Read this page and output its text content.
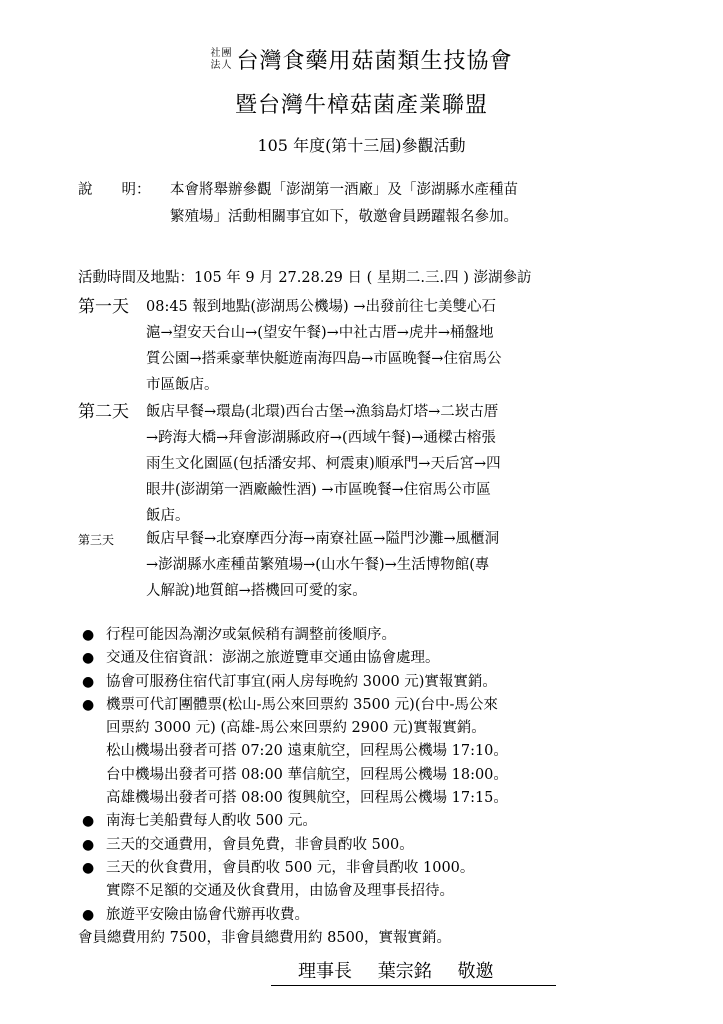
社團
法人 台灣食藥用菇菌類生技協會
暨台灣牛樟菇菌產業聯盟
105 年度(第十三屆)參觀活動
說　　明：	本會將舉辦參觀「澎湖第一酒廠」及「澎湖縣水產種苗
繁殖場」活動相關事宜如下，敬邀會員踴躍報名參加。
活動時間及地點：105 年 9 月 27.28.29 日 ( 星期二.三.四 ) 澎湖參訪
第一天 08:45 報到地點(澎湖馬公機場) →出發前往七美雙心石
滬→望安天台山→(望安午餐)→中社古厝→虎井→桶盤地
質公園→搭乘豪華快艇遊南海四島→市區晚餐→住宿馬公
市區飯店。
第二天 飯店早餐→環島(北環)西台古堡→漁翁島灯塔→二崁古厝
→跨海大橋→拜會澎湖縣政府→(西域午餐)→通樑古榕張
雨生文化園區(包括潘安邦、柯震東)順承門→天后宮→四
眼井(澎湖第一酒廠鹼性酒) →市區晚餐→住宿馬公市區
飯店。
第三天 飯店早餐→北寮摩西分海→南寮社區→隘門沙灘→風櫃洞
→澎湖縣水產種苗繁殖場→(山水午餐)→生活博物館(專
人解說)地質館→搭機回可愛的家。
● 行程可能因為潮汐或氣候稍有調整前後順序。
● 交通及住宿資訊：澎湖之旅遊覽車交通由協會處理。
● 協會可服務住宿代訂事宜(兩人房每晚約 3000 元)實報實銷。
● 機票可代訂團體票(松山-馬公來回票約 3500 元)(台中-馬公來
回票約 3000 元) (高雄-馬公來回票約 2900 元)實報實銷。
松山機場出發者可搭 07:20 遠東航空，回程馬公機場 17:10。
台中機場出發者可搭 08:00 華信航空，回程馬公機場 18:00。
高雄機場出發者可搭 08:00 復興航空，回程馬公機場 17:15。
● 南海七美船費每人酌收 500 元。
● 三天的交通費用，會員免費，非會員酌收 500。
● 三天的伙食費用，會員酌收 500 元，非會員酌收 1000。
實際不足額的交通及伙食費用，由協會及理事長招待。
● 旅遊平安險由協會代辦再收費。
會員總費用約 7500，非會員總費用約 8500，實報實銷。
理事長 葉宗銘 敬邀
